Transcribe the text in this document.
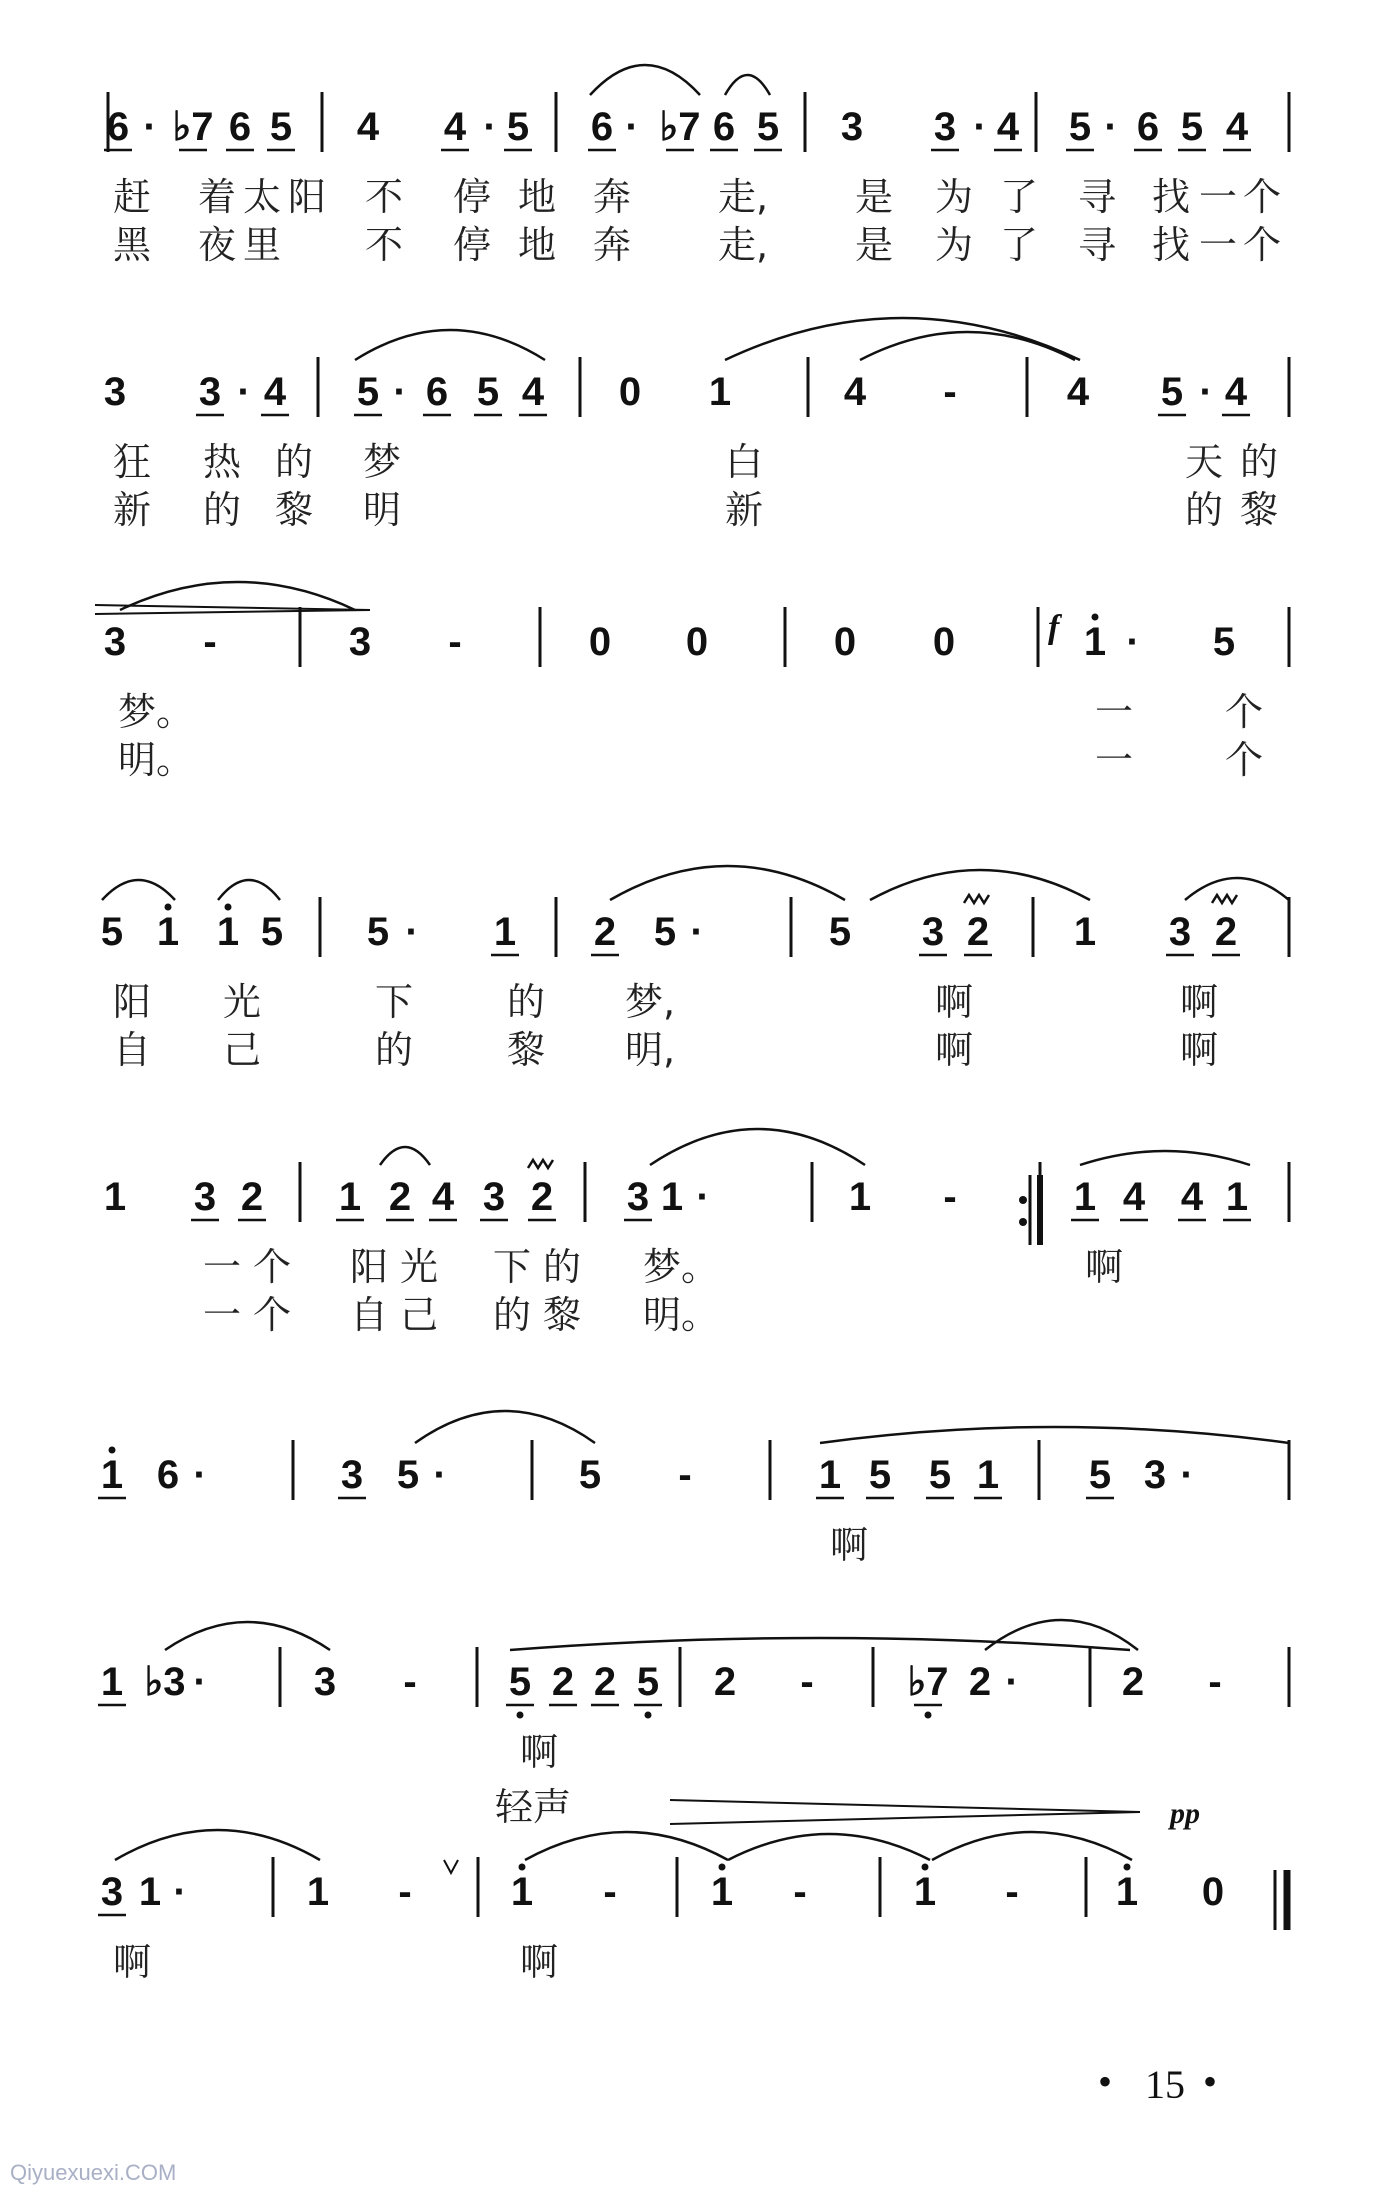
6 · ♭7 6 5 4 4 · 5 6 · ♭7 6 5 3 3 · 4 5 · 6 5 4
赶 着 太 阳 不 停 地 奔 走, 是 为 了 寻 找 一 个
黑 夜 里 不 停 地 奔 走, 是 为 了 寻 找 一 个
3 3 · 4 5 · 6 5 4 0 1	4 -	4 5 · 4
狂 热 的 梦	白	天 的
新 的 黎 明	新	的 黎
3 -	3 -	0 0	0 0	1 · 5
梦。	一 个
明。	一 个
5 1 1 5 5 · 1 2 5 ·	5 3 2 1 3 2
阳 光	下 的 梦,	啊	啊
自 己	的 黎 明,	啊	啊
1 3 2 1 2 4 3 2 3 1 ·	1 -	1 4 4 1
一 个 阳 光 下 的 梦。	啊
一 个 自 己 的 黎 明。
1 6 ·	3 5 ·	5 -	1 5 5 1 5 3 ·
啊
1 ♭3 ·	3 - 5 2 2 5 2 - ♭7 2 ·	2 -
啊
3 1 ·	1 - 1 - 1 -	1 - 1 0
啊	啊
f
pp
轻声
• 15 •
Qiyuexuexi.COM
